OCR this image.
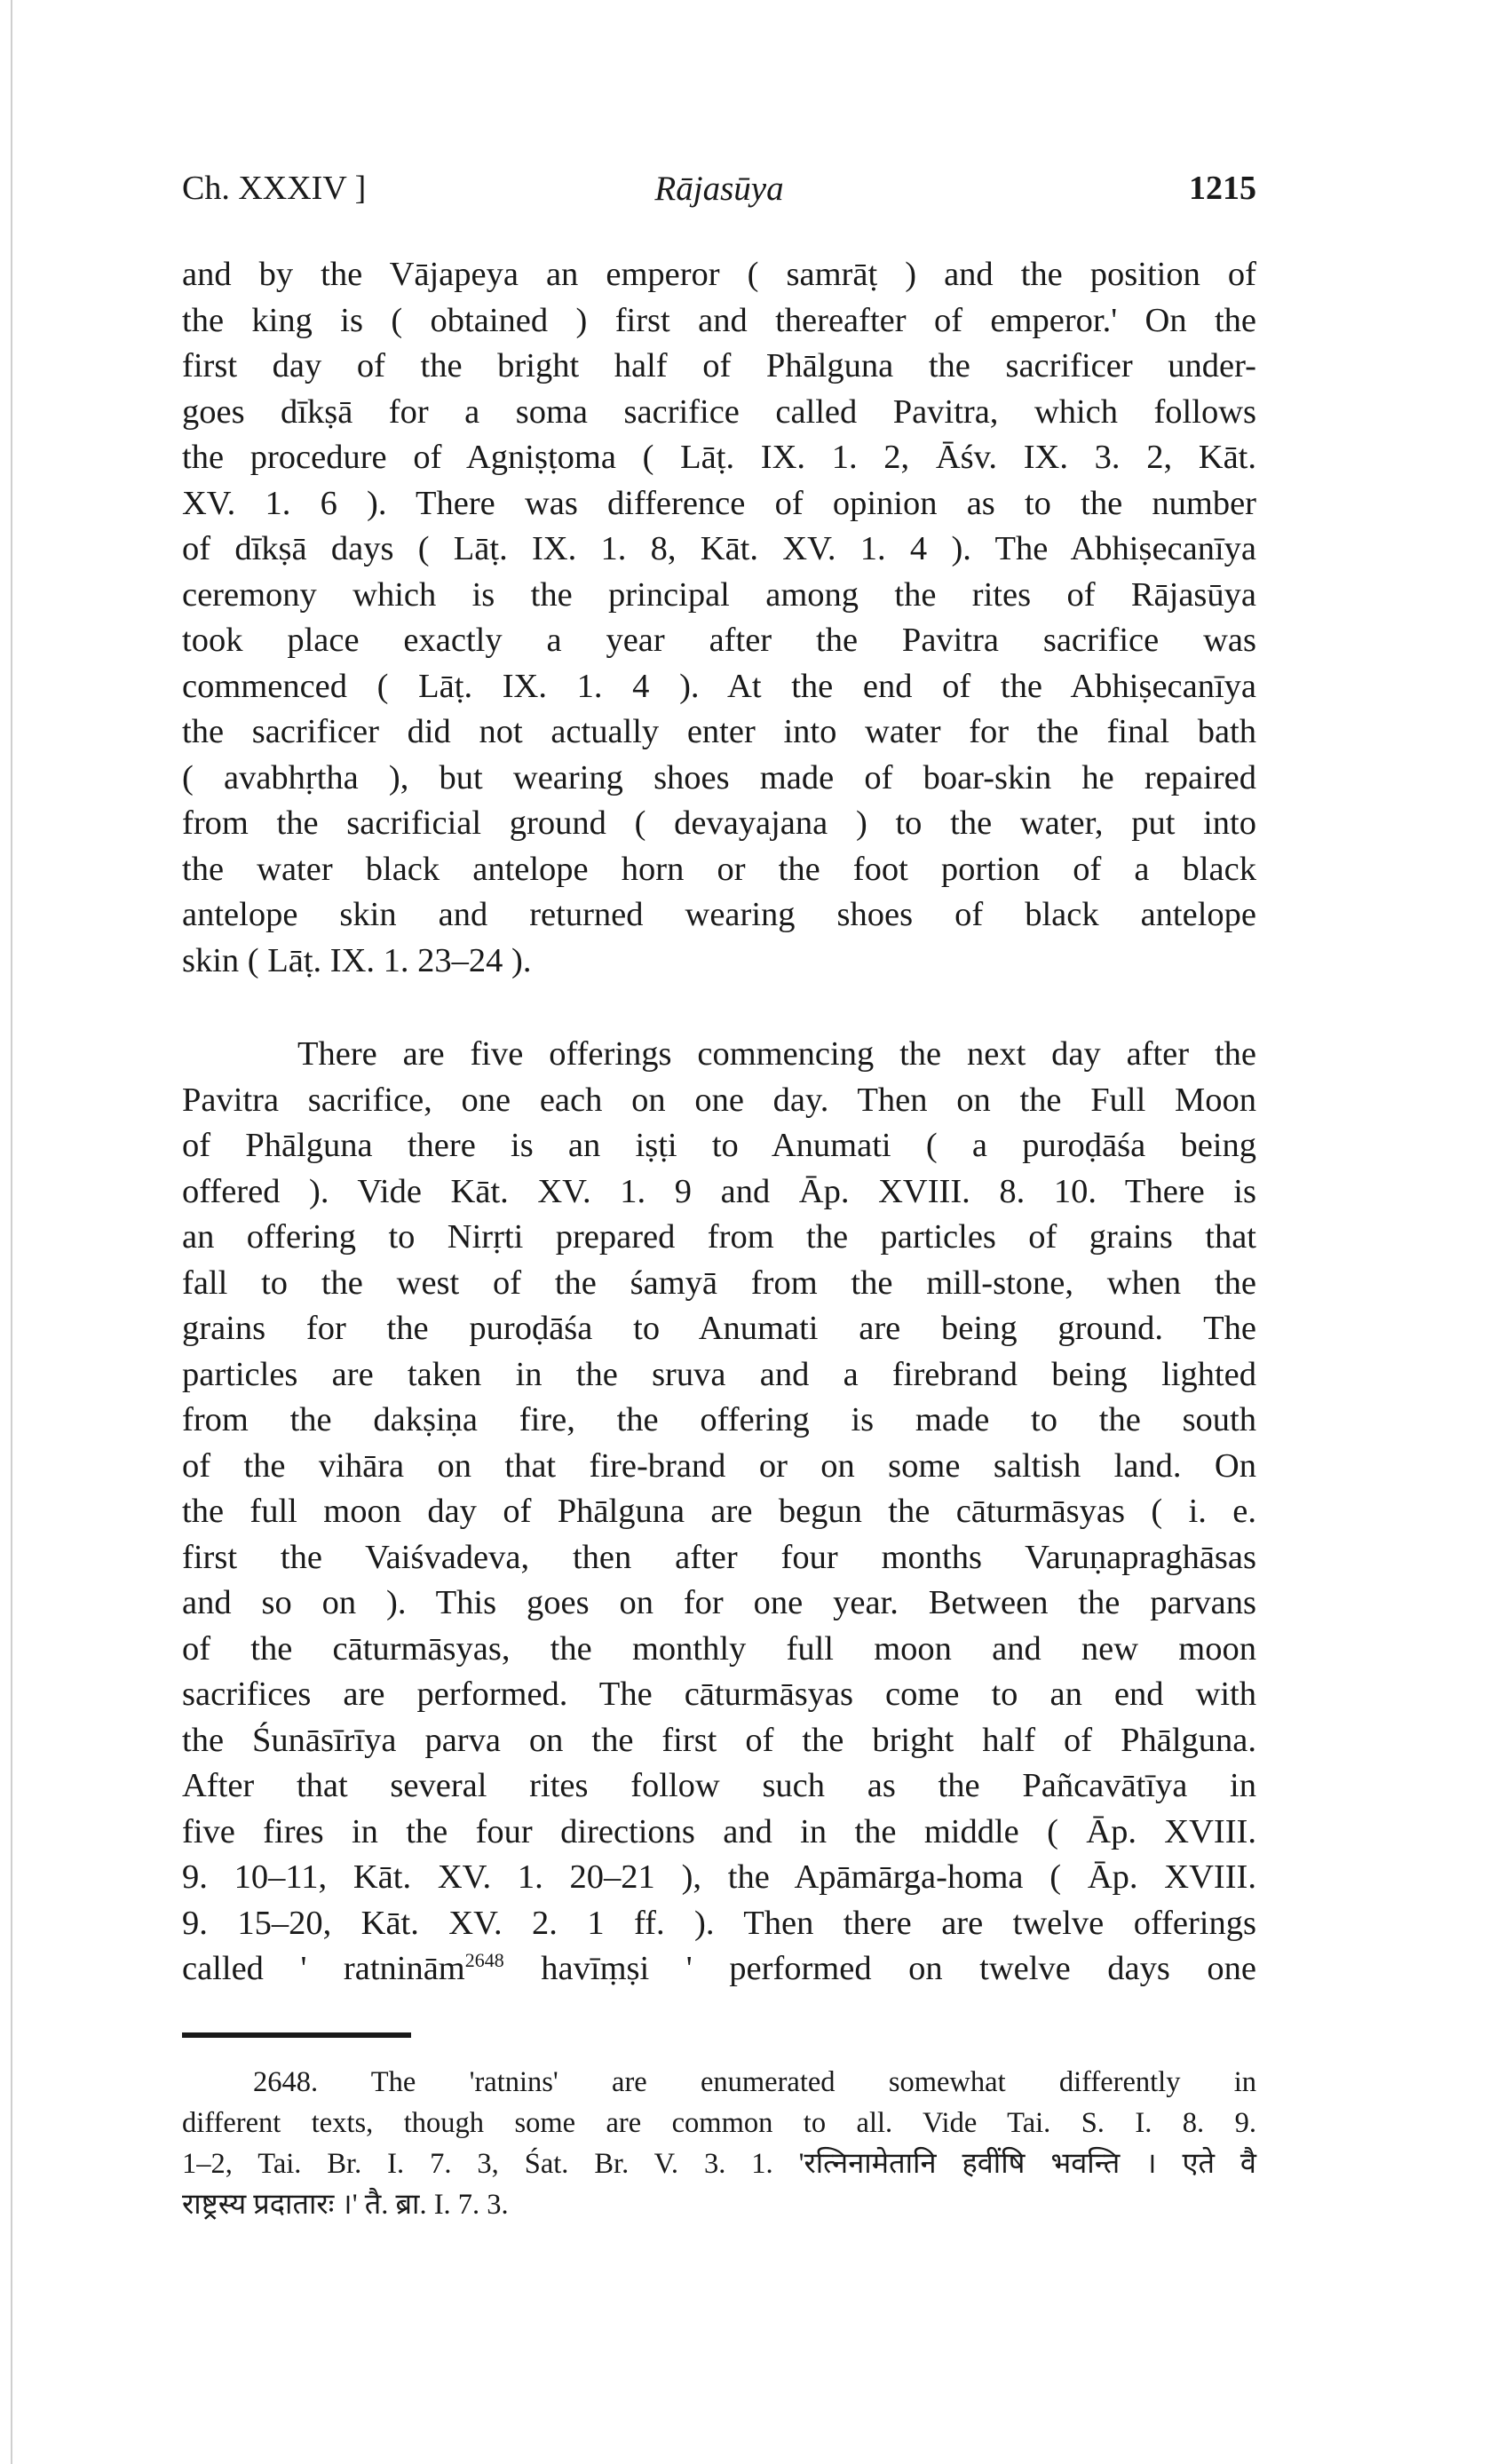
Ch. XXXIV ]	Rājasūya	1215
and by the Vājapeya an emperor ( samrāṭ ) and the position of
the king is ( obtained ) first and thereafter of emperor.' On the
first day of the bright half of Phālguna the sacrificer under-
goes dīkṣā for a soma sacrifice called Pavitra, which follows
the procedure of Agniṣṭoma ( Lāṭ. IX. 1. 2, Āśv. IX. 3. 2, Kāt.
XV. 1. 6 ). There was difference of opinion as to the number
of dīkṣā days ( Lāṭ. IX. 1. 8, Kāt. XV. 1. 4 ). The Abhiṣecanīya
ceremony which is the principal among the rites of Rājasūya
took place exactly a year after the Pavitra sacrifice was
commenced ( Lāṭ. IX. 1. 4 ). At the end of the Abhiṣecanīya
the sacrificer did not actually enter into water for the final bath
( avabhṛtha ), but wearing shoes made of boar-skin he repaired
from the sacrificial ground ( devayajana ) to the water, put into
the water black antelope horn or the foot portion of a black
antelope skin and returned wearing shoes of black antelope
skin ( Lāṭ. IX. 1. 23–24 ).
There are five offerings commencing the next day after the
Pavitra sacrifice, one each on one day. Then on the Full Moon
of Phālguna there is an iṣṭi to Anumati ( a puroḍāśa being
offered ). Vide Kāt. XV. 1. 9 and Āp. XVIII. 8. 10. There is
an offering to Nirṛti prepared from the particles of grains that
fall to the west of the śamyā from the mill-stone, when the
grains for the puroḍāśa to Anumati are being ground. The
particles are taken in the sruva and a firebrand being lighted
from the dakṣiṇa fire, the offering is made to the south
of the vihāra on that fire-brand or on some saltish land. On
the full moon day of Phālguna are begun the cāturmāsyas ( i. e.
first the Vaiśvadeva, then after four months Varuṇapraghāsas
and so on ). This goes on for one year. Between the parvans
of the cāturmāsyas, the monthly full moon and new moon
sacrifices are performed. The cāturmāsyas come to an end with
the Śunāsīrīya parva on the first of the bright half of Phālguna.
After that several rites follow such as the Pañcavātīya in
five fires in the four directions and in the middle ( Āp. XVIII.
9. 10–11, Kāt. XV. 1. 20–21 ), the Apāmārga-homa ( Āp. XVIII.
9. 15–20, Kāt. XV. 2. 1 ff. ). Then there are twelve offerings
called ' ratninām$^{2648}$ havīṃṣi ' performed on twelve days one
2648. The 'ratnins' are enumerated somewhat differently in
different texts, though some are common to all. Vide Tai. S. I. 8. 9.
1–2, Tai. Br. I. 7. 3, Śat. Br. V. 3. 1. 'रत्निनामेतानि हवींषि भवन्ति । एते वै
राष्ट्रस्य प्रदातारः ।' तै. ब्रा. I. 7. 3.
